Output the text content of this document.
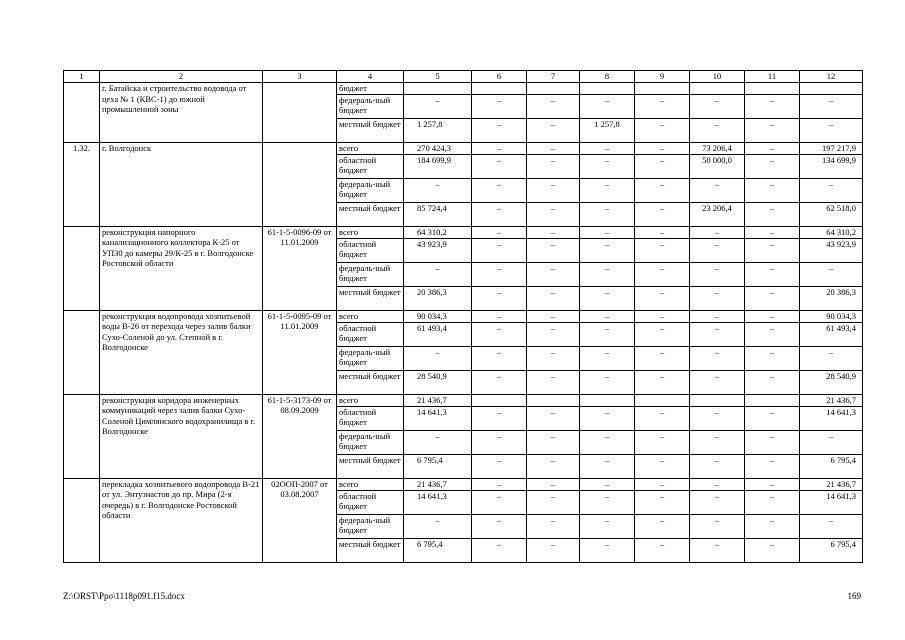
1	2	3	4	5	6	7	8	9	10	11	12
	г. Батайска и строительство водовода от цеха № 1 (КВС-1) до южной промышленной зоны		бюджет								
			федераль-ный бюджет	–	–	–	–	–	–	–	–
			местный бюджет	1 257,8	–	–	1 257,8	–	–	–	–
1.32.	г. Волгодонск		всего	270 424,3	–	–	–	–	73 206,4	–	197 217,9
			областной бюджет	184 699,9	–	–	–	–	50 000,0	–	134 699,9
			федераль-ный бюджет	–	–	–	–	–	–	–	–
			местный бюджет	85 724,4	–	–	–	–	23 206,4	–	62 518,0
	реконструкция напорного канализационного коллектора К-25 от УП30 до камеры 29/К-25 в г. Волгодонске Ростовской области	61-1-5-0096-09 от 11.01.2009	всего	64 310,2	–	–	–	–	–	–	64 310,2
			областной бюджет	43 923,9	–	–	–	–	–	–	43 923,9
			федераль-ный бюджет	–	–	–	–	–	–	–	–
			местный бюджет	20 386,3	–	–	–	–	–	–	20 386,3
	реконструкция водопровода хозпитьевой воды В-26 от перехода через залив балки Сухо-Соленой до ул. Степной в г. Волгодонске	61-1-5-0095-09 от 11.01.2009	всего	90 034,3	–	–	–	–	–	–	90 034,3
			областной бюджет	61 493,4	–	–	–	–	–	–	61 493,4
			федераль-ный бюджет	–	–	–	–	–	–	–	–
			местный бюджет	28 540,9	–	–	–	–	–	–	28 540,9
	реконструкция коридора инженерных коммуникаций через залив балки Сухо-Соленой Цимлянского водохранилища в г. Волгодонске	61-1-5-3173-09 от 08.09.2009	всего	21 436,7							21 436,7
			областной бюджет	14 641,3	–	–	–	–	–	–	14 641,3
			федераль-ный бюджет	–	–	–	–	–	–	–	–
			местный бюджет	6 795,4	–	–	–	–	–	–	6 795,4
	перекладка хозпитьевого водопровода В-21 от ул. Энтузиастов до пр. Мира (2-я очередь) в г. Волгодонске Ростовской области	02ООП-2007 от 03.08.2007	всего	21 436,7	–	–	–	–	–	–	21 436,7
			областной бюджет	14 641,3	–	–	–	–	–	–	14 641,3
			федераль-ный бюджет	–	–	–	–	–	–	–	–
			местный бюджет	6 795,4	–	–	–	–	–	–	6 795,4
Z:\ORST\Ppo\1118p091.f15.docx	169
